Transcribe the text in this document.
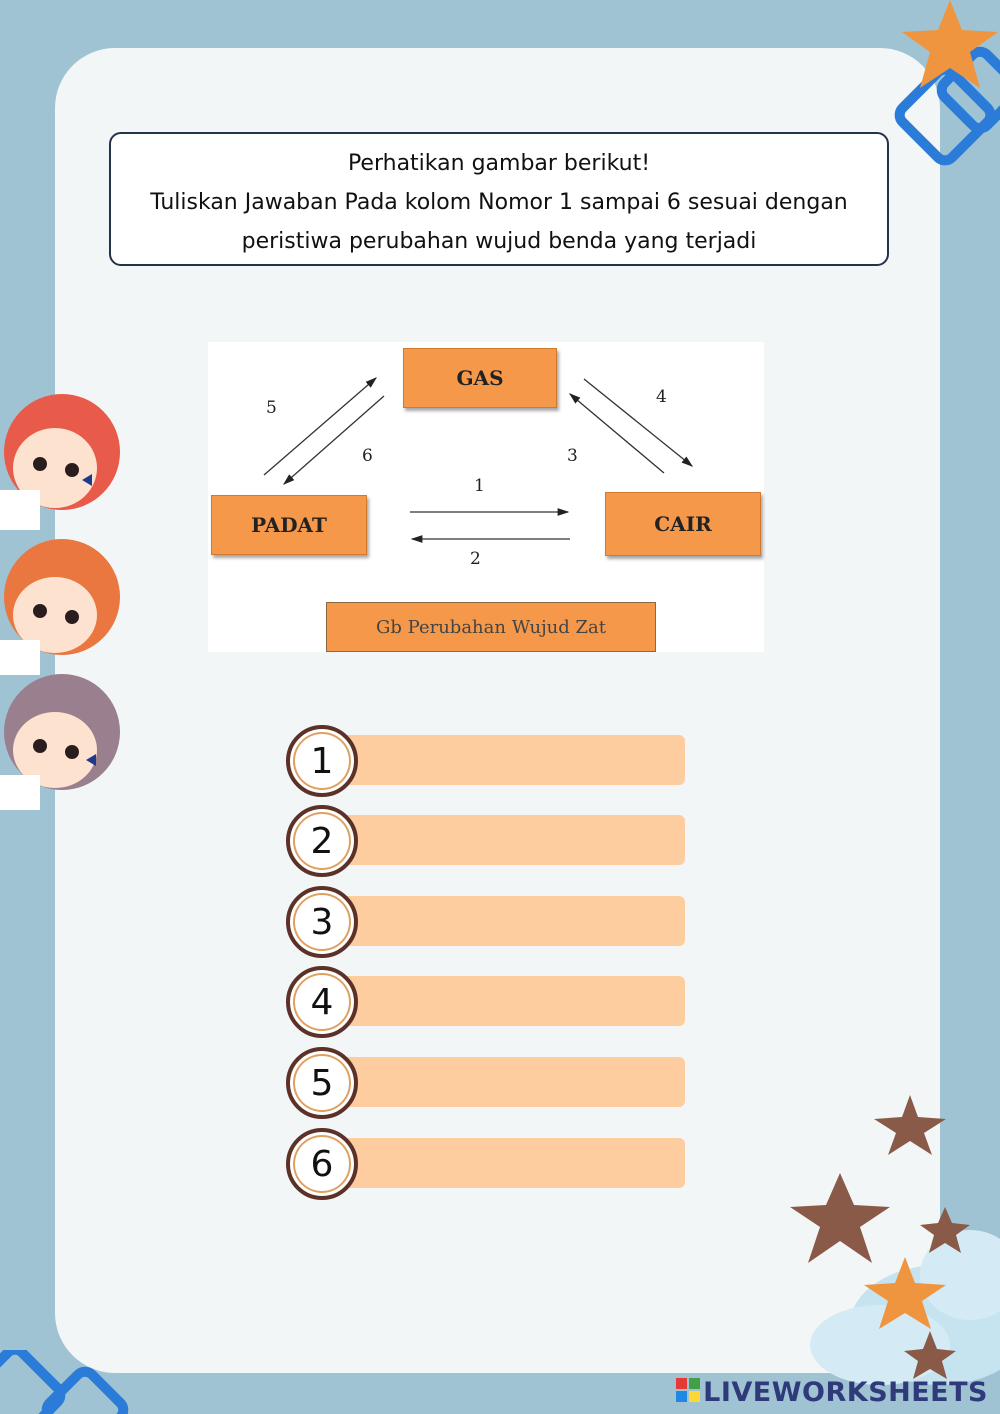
Perhatikan gambar berikut!
Tuliskan Jawaban Pada kolom Nomor 1 sampai 6 sesuai dengan
peristiwa perubahan wujud benda yang terjadi
GAS
PADAT	CAIR
1
2
3
4
5
6
Gb Perubahan Wujud Zat
1
2
3
4
5
6
LIVEWORKSHEETS
